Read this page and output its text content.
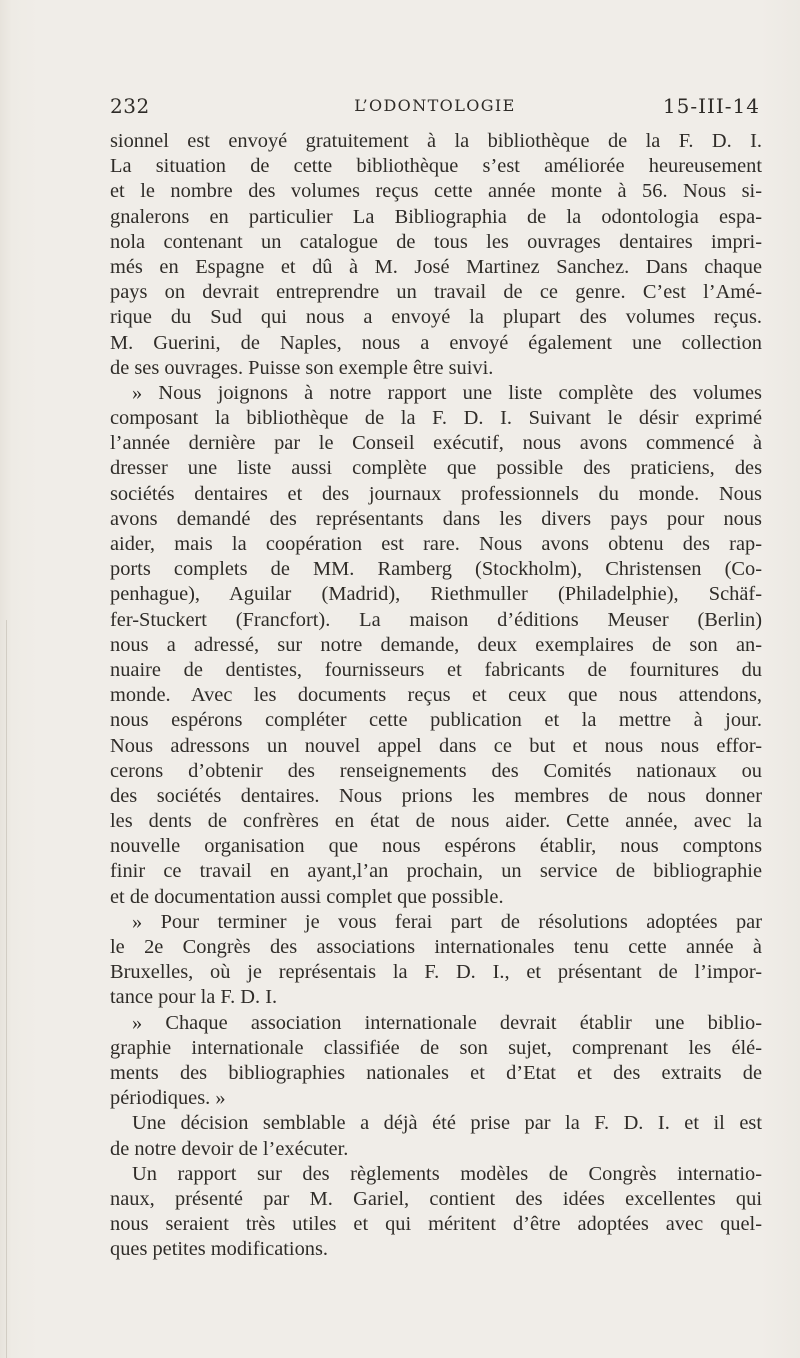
232	L’ODONTOLOGIE	15-III-14
sionnel est envoyé gratuitement à la bibliothèque de la F. D. I.
La situation de cette bibliothèque s’est améliorée heureusement
et le nombre des volumes reçus cette année monte à 56. Nous si-
gnalerons en particulier La Bibliographia de la odontologia espa-
nola contenant un catalogue de tous les ouvrages dentaires impri-
més en Espagne et dû à M. José Martinez Sanchez. Dans chaque
pays on devrait entreprendre un travail de ce genre. C’est l’Amé-
rique du Sud qui nous a envoyé la plupart des volumes reçus.
M. Guerini, de Naples, nous a envoyé également une collection
de ses ouvrages. Puisse son exemple être suivi.
» Nous joignons à notre rapport une liste complète des volumes
composant la bibliothèque de la F. D. I. Suivant le désir exprimé
l’année dernière par le Conseil exécutif, nous avons commencé à
dresser une liste aussi complète que possible des praticiens, des
sociétés dentaires et des journaux professionnels du monde. Nous
avons demandé des représentants dans les divers pays pour nous
aider, mais la coopération est rare. Nous avons obtenu des rap-
ports complets de MM. Ramberg (Stockholm), Christensen (Co-
penhague), Aguilar (Madrid), Riethmuller (Philadelphie), Schäf-
fer-Stuckert (Francfort). La maison d’éditions Meuser (Berlin)
nous a adressé, sur notre demande, deux exemplaires de son an-
nuaire de dentistes, fournisseurs et fabricants de fournitures du
monde. Avec les documents reçus et ceux que nous attendons,
nous espérons compléter cette publication et la mettre à jour.
Nous adressons un nouvel appel dans ce but et nous nous effor-
cerons d’obtenir des renseignements des Comités nationaux ou
des sociétés dentaires. Nous prions les membres de nous donner
les dents de confrères en état de nous aider. Cette année, avec la
nouvelle organisation que nous espérons établir, nous comptons
finir ce travail en ayant,l’an prochain, un service de bibliographie
et de documentation aussi complet que possible.
» Pour terminer je vous ferai part de résolutions adoptées par
le 2e Congrès des associations internationales tenu cette année à
Bruxelles, où je représentais la F. D. I., et présentant de l’impor-
tance pour la F. D. I.
» Chaque association internationale devrait établir une biblio-
graphie internationale classifiée de son sujet, comprenant les élé-
ments des bibliographies nationales et d’Etat et des extraits de
périodiques. »
Une décision semblable a déjà été prise par la F. D. I. et il est
de notre devoir de l’exécuter.
Un rapport sur des règlements modèles de Congrès internatio-
naux, présenté par M. Gariel, contient des idées excellentes qui
nous seraient très utiles et qui méritent d’être adoptées avec quel-
ques petites modifications.
